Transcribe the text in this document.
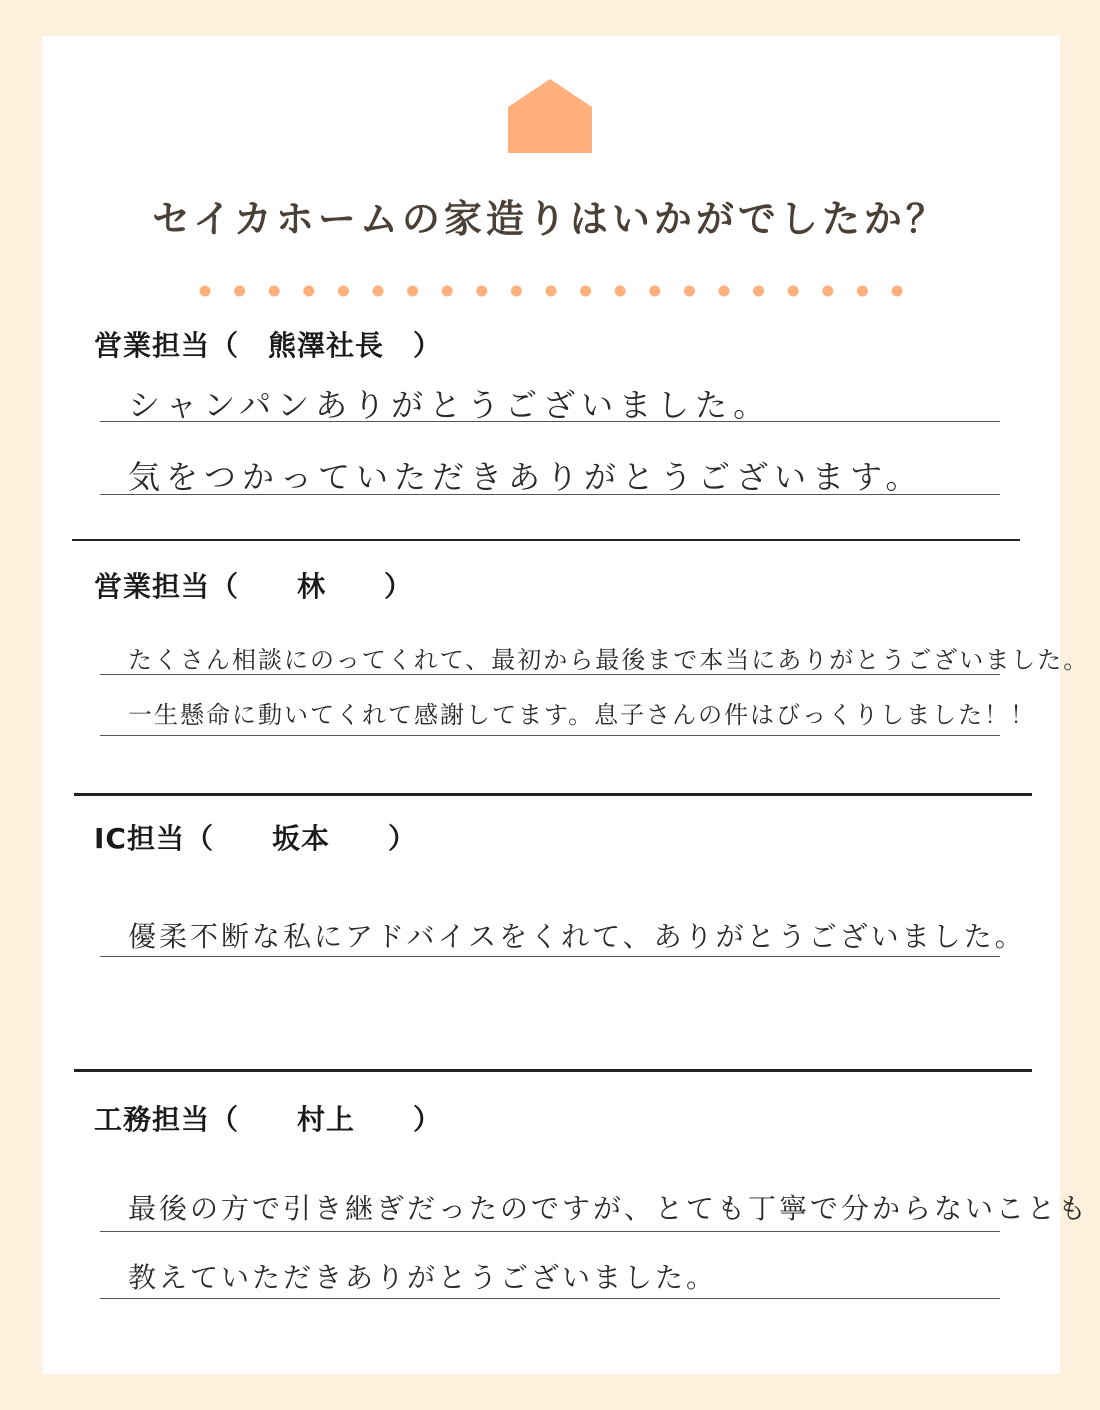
セイカホームの家造りはいかがでしたか？
営業担当（　熊澤社長　）
シャンパンありがとうございました。
気をつかっていただきありがとうございます。
営業担当（　　林　　）
たくさん相談にのってくれて、最初から最後まで本当にありがとうございました。
一生懸命に動いてくれて感謝してます。息子さんの件はびっくりしました！！
IC担当（　　坂本　　）
優柔不断な私にアドバイスをくれて、ありがとうございました。
工務担当（　　村上　　）
最後の方で引き継ぎだったのですが、とても丁寧で分からないことも
教えていただきありがとうございました。
